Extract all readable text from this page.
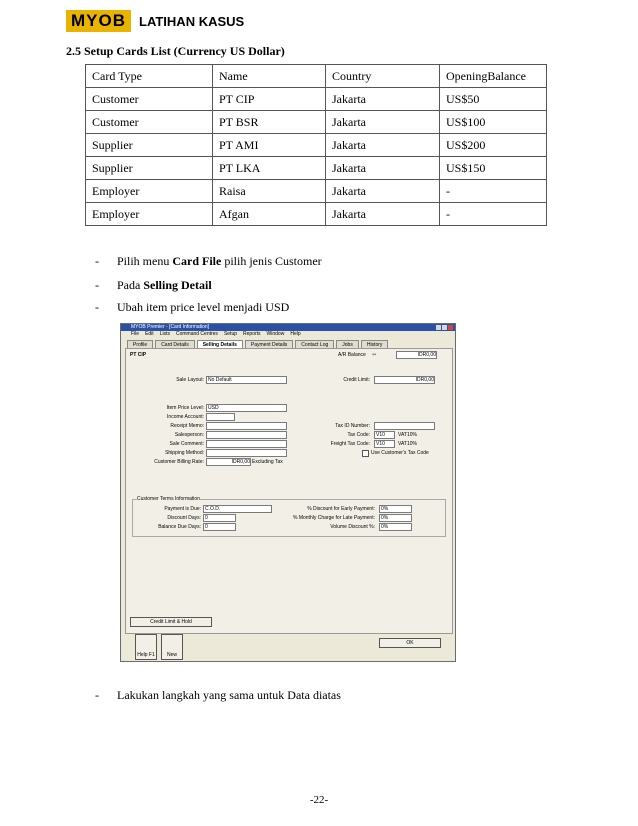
MYOB	LATIHAN KASUS
2.5 Setup Cards List (Currency US Dollar)
Card Type	Name	Country	OpeningBalance
Customer	PT CIP	Jakarta	US$50
Customer	PT BSR	Jakarta	US$100
Supplier	PT AMI	Jakarta	US$200
Supplier	PT LKA	Jakarta	US$150
Employer	Raisa	Jakarta	-
Employer	Afgan	Jakarta	-
-	Pilih menu Card File pilih jenis Customer
-	Pada Selling Detail
-	Ubah item price level menjadi USD
MYOB Premier - [Card Information]
File Edit Lists Command Centres Setup Reports Window Help
Profile	Card Details	Selling Details	Payment Details	Contact Log	Jobs	History
PT CIP	A/R Balance ⇦	IDR0,00
Sale Layout: No Default	Credit Limit:	IDR0,00
Item Price Level: USD
Income Account:
Receipt Memo:
Salesperson:
Sale Comment:
Shipping Method:
Customer Billing Rate:	IDR0,00 Excluding Tax
Tax ID Number:
Tax Code:	V10	VAT10%
Freight Tax Code:	V10	VAT10%
Use Customer's Tax Code
Customer Terms Information
Payment is Due: C.O.D.
Discount Days: 0
Balance Due Days: 0
% Discount for Early Payment:	0%
% Monthly Charge for Late Payment:	0%
Volume Discount %:	0%
Credit Limit & Hold
OK
Help F1	New
-	Lakukan langkah yang sama untuk Data diatas
-22-
